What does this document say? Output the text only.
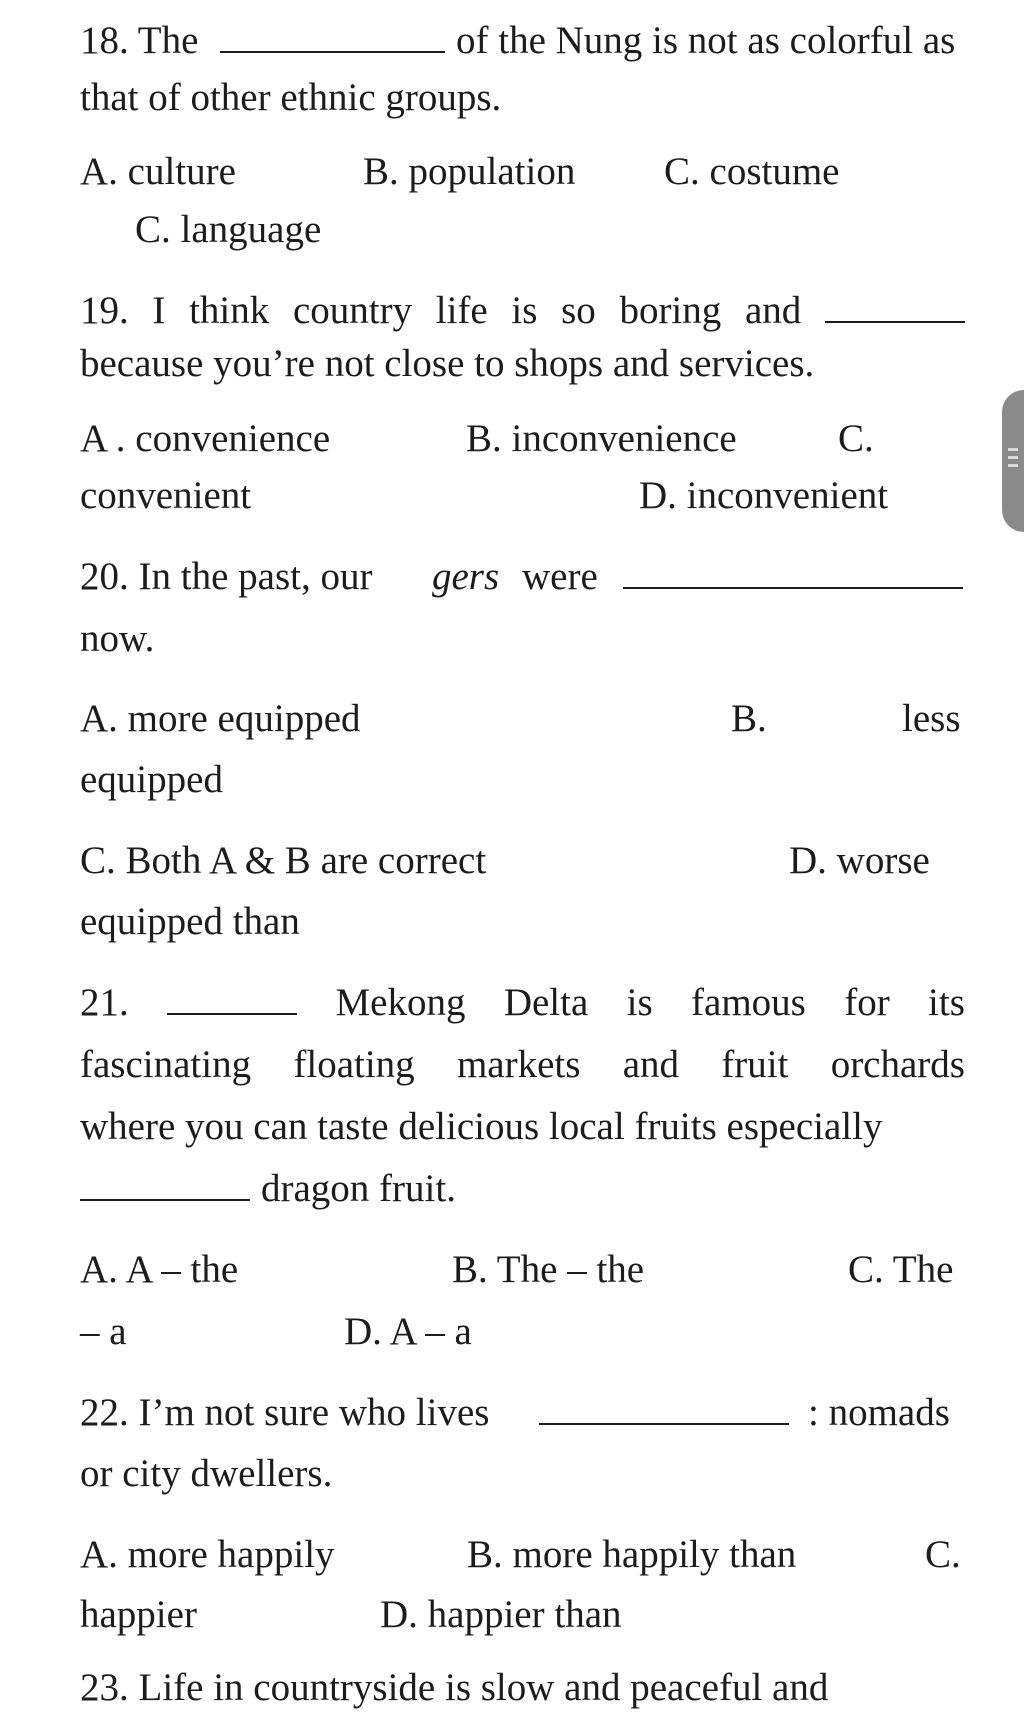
18. The	of the Nung is not as colorful as
that of other ethnic groups.
A. culture	B. population C. costume
C. language
19. I think country life is so boring and
because you’re not close to shops and services.
A . convenience	B. inconvenience	C.
convenient	D. inconvenient
20. In the past, our gers were
now.
A. more equipped	B.	less
equipped
C. Both A & B are correct	D. worse
equipped than
21.	Mekong Delta is famous for its
fascinating floating markets and fruit orchards
where you can taste delicious local fruits especially
dragon fruit.
A. A – the	B. The – the	C. The
– a	D. A – a
22. I’m not sure who lives	: nomads
or city dwellers.
A. more happily	B. more happily than	C.
happier	D. happier than
23. Life in countryside is slow and peaceful and
